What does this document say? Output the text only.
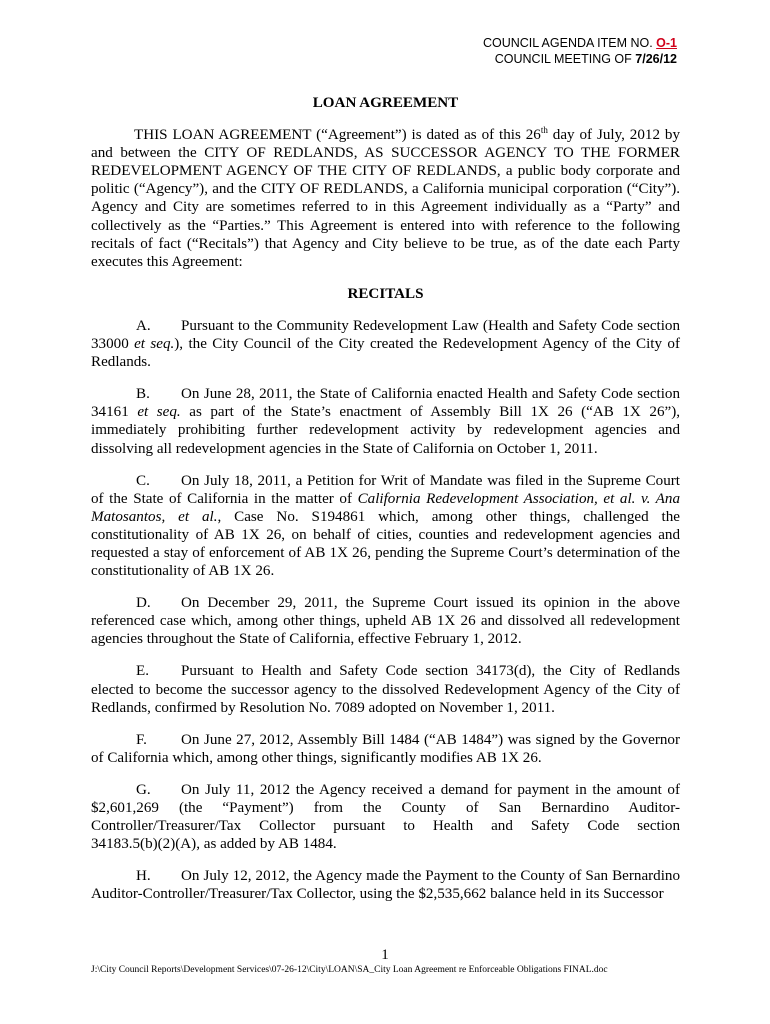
COUNCIL AGENDA ITEM NO. O-1
COUNCIL MEETING OF 7/26/12
LOAN AGREEMENT

THIS LOAN AGREEMENT (“Agreement”) is dated as of this 26th day of July, 2012 by and between the CITY OF REDLANDS, AS SUCCESSOR AGENCY TO THE FORMER REDEVELOPMENT AGENCY OF THE CITY OF REDLANDS, a public body corporate and politic (“Agency”), and the CITY OF REDLANDS, a California municipal corporation (“City”). Agency and City are sometimes referred to in this Agreement individually as a “Party” and collectively as the “Parties.” This Agreement is entered into with reference to the following recitals of fact (“Recitals”) that Agency and City believe to be true, as of the date each Party executes this Agreement:

RECITALS

A. Pursuant to the Community Redevelopment Law (Health and Safety Code section 33000 et seq.), the City Council of the City created the Redevelopment Agency of the City of Redlands.

B. On June 28, 2011, the State of California enacted Health and Safety Code section 34161 et seq. as part of the State’s enactment of Assembly Bill 1X 26 (“AB 1X 26”), immediately prohibiting further redevelopment activity by redevelopment agencies and dissolving all redevelopment agencies in the State of California on October 1, 2011.

C. On July 18, 2011, a Petition for Writ of Mandate was filed in the Supreme Court of the State of California in the matter of California Redevelopment Association, et al. v. Ana Matosantos, et al., Case No. S194861 which, among other things, challenged the constitutionality of AB 1X 26, on behalf of cities, counties and redevelopment agencies and requested a stay of enforcement of AB 1X 26, pending the Supreme Court’s determination of the constitutionality of AB 1X 26.

D. On December 29, 2011, the Supreme Court issued its opinion in the above referenced case which, among other things, upheld AB 1X 26 and dissolved all redevelopment agencies throughout the State of California, effective February 1, 2012.

E. Pursuant to Health and Safety Code section 34173(d), the City of Redlands elected to become the successor agency to the dissolved Redevelopment Agency of the City of Redlands, confirmed by Resolution No. 7089 adopted on November 1, 2011.

F. On June 27, 2012, Assembly Bill 1484 (“AB 1484”) was signed by the Governor of California which, among other things, significantly modifies AB 1X 26.

G. On July 11, 2012 the Agency received a demand for payment in the amount of $2,601,269 (the “Payment”) from the County of San Bernardino Auditor-Controller/Treasurer/Tax Collector pursuant to Health and Safety Code section
34183.5(b)(2)(A), as added by AB 1484.

H. On July 12, 2012, the Agency made the Payment to the County of San Bernardino Auditor-Controller/Treasurer/Tax Collector, using the $2,535,662 balance held in its Successor

1
J:\City Council Reports\Development Services\07-26-12\City\LOAN\SA_City Loan Agreement re Enforceable Obligations FINAL.doc
